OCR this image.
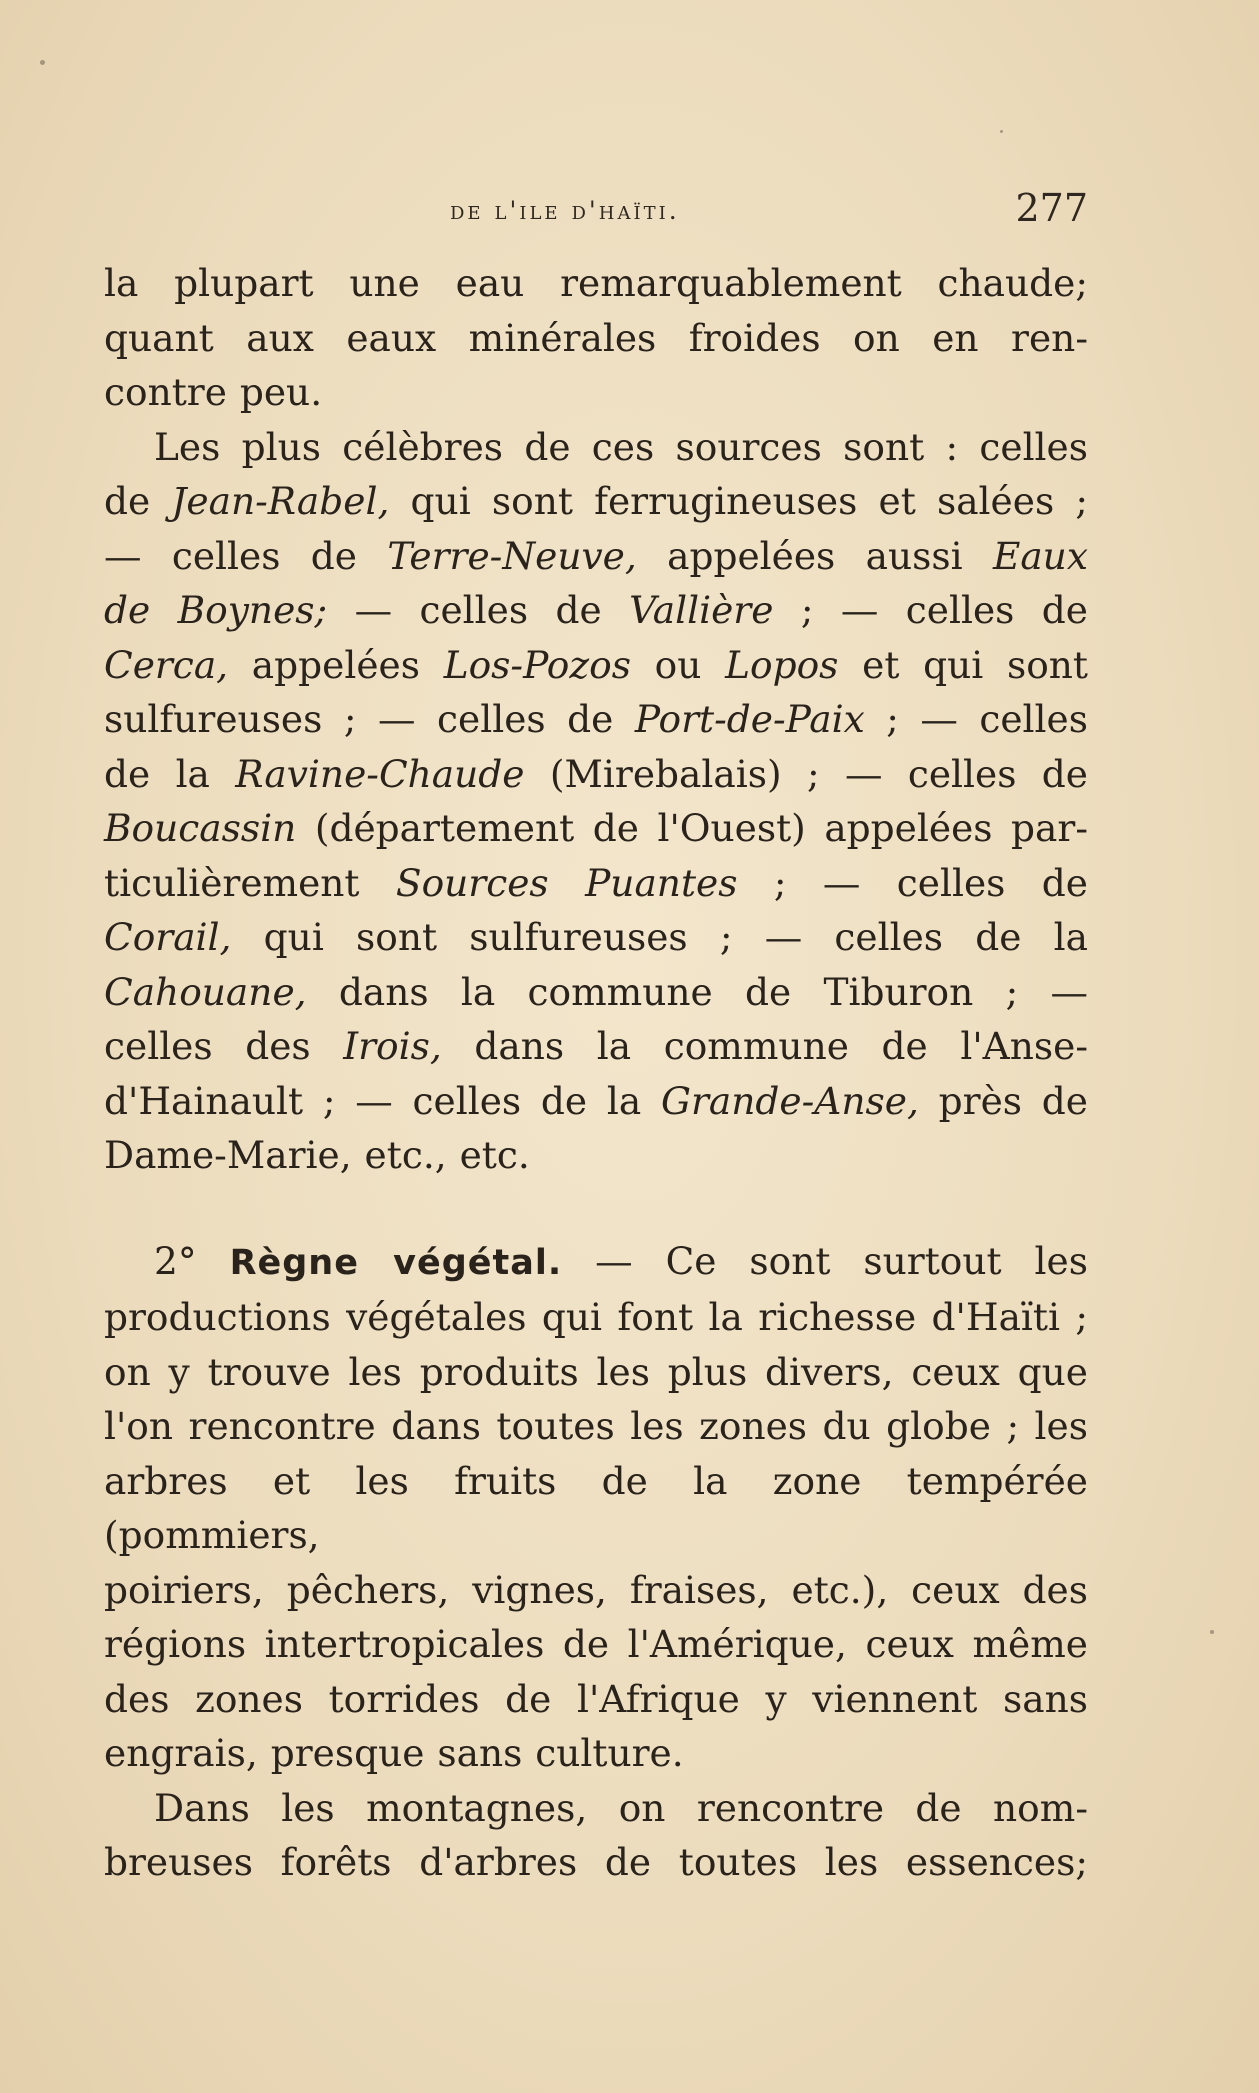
de l'ile d'haïti.	277

la plupart une eau remarquablement chaude;

quant aux eaux minérales froides on en ren-

contre peu.

Les plus célèbres de ces sources sont : celles

de Jean-Rabel, qui sont ferrugineuses et salées ;

— celles de Terre-Neuve, appelées aussi Eaux

de Boynes; — celles de Vallière ; — celles de

Cerca, appelées Los-Pozos ou Lopos et qui sont

sulfureuses ; — celles de Port-de-Paix ; — celles

de la Ravine-Chaude (Mirebalais) ; — celles de

Boucassin (département de l'Ouest) appelées par-

ticulièrement Sources Puantes ; — celles de

Corail, qui sont sulfureuses ; — celles de la

Cahouane, dans la commune de Tiburon ; —

celles des Irois, dans la commune de l'Anse-

d'Hainault ; — celles de la Grande-Anse, près de

Dame-Marie, etc., etc.

2° Règne végétal. — Ce sont surtout les

productions végétales qui font la richesse d'Haïti ;

on y trouve les produits les plus divers, ceux que

l'on rencontre dans toutes les zones du globe ; les

arbres et les fruits de la zone tempérée (pommiers,

poiriers, pêchers, vignes, fraises, etc.), ceux des

régions intertropicales de l'Amérique, ceux même

des zones torrides de l'Afrique y viennent sans

engrais, presque sans culture.

Dans les montagnes, on rencontre de nom-

breuses forêts d'arbres de toutes les essences;
